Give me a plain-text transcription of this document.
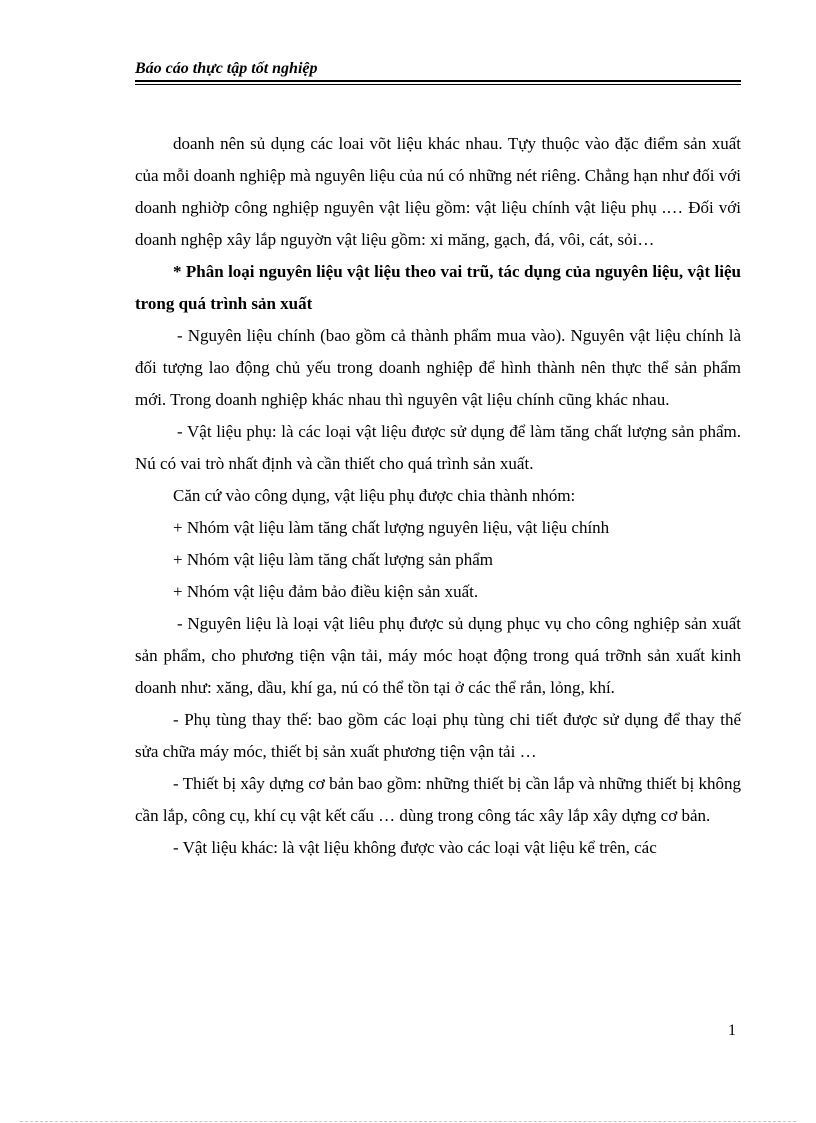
Báo cáo thực tập tốt nghiệp

doanh nên sủ dụng các loai võt liệu khác nhau. Tựy thuộc vào đặc điểm sản xuất của mỗi doanh nghiệp mà nguyên liệu của nú có những nét riêng. Chẳng hạn như đối với doanh nghiờp công nghiệp nguyên vật liệu gồm: vật liệu chính vật liệu phụ .… Đối với doanh nghệp xây lắp nguyờn vật liệu gồm: xi măng, gạch, đá, vôi, cát, sỏi…

* Phân loại nguyên liệu vật liệu theo vai trũ, tác dụng của nguyên liệu, vật liệu trong quá trình sản xuất

- Nguyên liệu chính (bao gồm cả thành phẩm mua vào). Nguyên vật liệu chính là đối tượng lao động chủ yếu trong doanh nghiệp để hình thành nên thực thể sản phẩm mới. Trong doanh nghiệp khác nhau thì nguyên vật liệu chính cũng khác nhau.

- Vật liệu phụ: là các loại vật liệu được sử dụng để làm tăng chất lượng sản phẩm. Nú có vai trò nhất định và cần thiết cho quá trình sản xuất.

Căn cứ vào công dụng, vật liệu phụ được chia thành nhóm:

+ Nhóm vật liệu làm tăng chất lượng nguyên liệu, vật liệu chính

+ Nhóm vật liệu làm tăng chất lượng sản phẩm

+ Nhóm vật liệu đảm bảo điều kiện sản xuất.

- Nguyên liệu là loại vật liêu phụ được sủ dụng phục vụ cho công nghiệp sản xuất sản phẩm, cho phương tiện vận tải, máy móc hoạt động trong quá trỡnh sản xuất kinh doanh như: xăng, dầu, khí ga, nú có thể tồn tại ở các thể rắn, lỏng, khí.

- Phụ tùng thay thế: bao gồm các loại phụ tùng chi tiết được sử dụng để thay thế sửa chữa máy móc, thiết bị sản xuất phương tiện vận tải …

- Thiết bị xây dựng cơ bản bao gồm: những thiết bị cần lắp và những thiết bị không cần lắp, công cụ, khí cụ vật kết cấu … dùng trong công tác xây lắp xây dựng cơ bản.

- Vật liệu khác: là vật liệu không được vào các loại vật liệu kể trên, các

1
